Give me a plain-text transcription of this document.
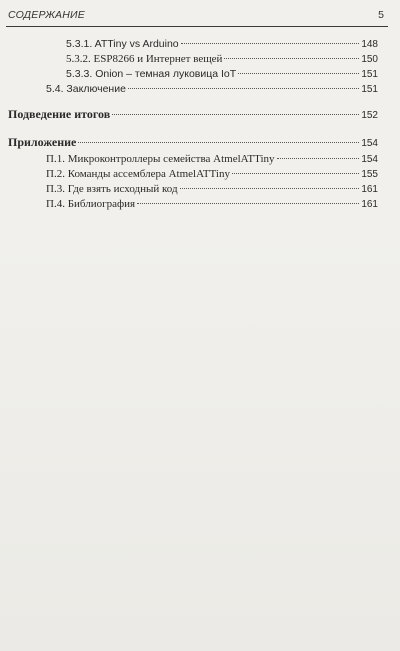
СОДЕРЖАНИЕ	5
5.3.1. ATTiny vs Arduino	148
5.3.2. ESP8266 и Интернет вещей	150
5.3.3. Onion – темная луковица IoT	151
5.4. Заключение	151
Подведение итогов	152
Приложение	154
П.1. Микроконтроллеры семейства AtmelATTiny	154
П.2. Команды ассемблера AtmelATTiny	155
П.3. Где взять исходный код	161
П.4. Библиография	161
